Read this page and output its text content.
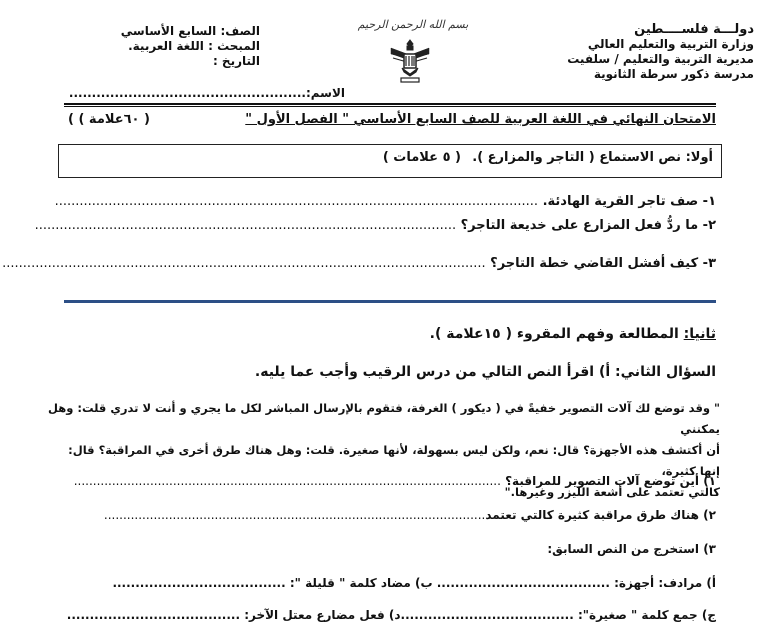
دولـــة فلســــطين
وزارة التربية والتعليم العالي
مديرية التربية والتعليم / سلفيت
مدرسة ذكور سرطة الثانوية
بسم الله الرحمن الرحيم
الصف: السابع الأساسي
المبحث : اللغة العربية.
التاريخ :
الاسم:....................................................
الامتحان النهائي في اللغة العربية للصف السابع الأساسي " الفصل الأول "
( ٦٠علامة ) )
أولا: نص الاستماع ( التاجر والمزارع ).
( ٥ علامات )
١- صف تاجر القرية الهادئة. .....................................................................................................................
٢- ما ردُّ فعل المزارع على خديعة التاجر؟ ......................................................................................................
٣- كيف أفشل القاضي خطة التاجر؟ .....................................................................................................................
ثانيا: المطالعة وفهم المقروء ( ١٥علامة ).
السؤال الثاني: أ) اقرأ النص التالي من درس الرقيب وأجب عما يليه.
" وقد توضع لك آلات التصوير خفيةً في ( ديكور ) الغرفة، فتقوم بالإرسال المباشر لكل ما يجري و أنت لا تدري قلت: وهل يمكنني
أن أكتشف هذه الأجهزة؟ قال: نعم، ولكن ليس بسهولة، لأنها صغيرة. قلت: وهل هناك طرق أخرى في المراقبة؟ قال: إنها كثيرة،
كالتي تعتمد على أشعة الليزر وغيرها."
١) أين توضع آلات التصوير للمراقبة؟ ................................................................................................................
٢) هناك طرق مراقبة كثيرة كالتي تعتمد....................................................................................................
٣) استخرج من النص السابق:
أ) مرادف: أجهزة: ...................................... ب) مضاد كلمة " قليلة ": ......................................
ج) جمع كلمة " صغيرة": ......................................د) فعل مضارع معتل الآخر: ......................................
